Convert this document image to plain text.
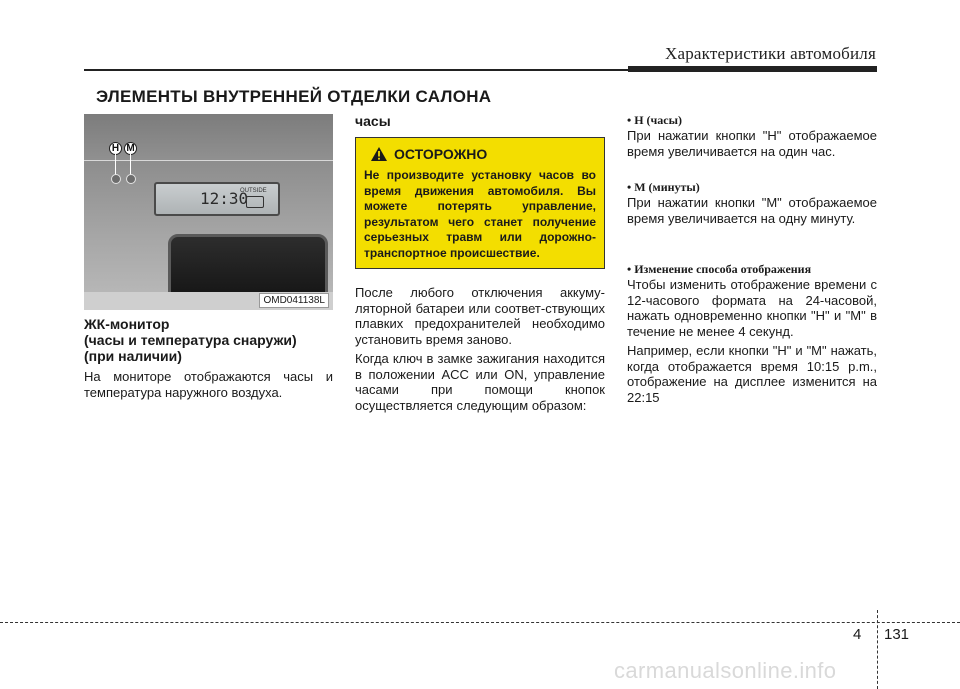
Характеристики автомобиля
ЭЛЕМЕНТЫ ВНУТРЕННЕЙ ОТДЕЛКИ САЛОНА
12:30
OUTSIDE
H M
OMD041138L
ЖК-монитор
(часы и температура снаружи)
(при наличии)

На мониторе отображаются часы и температура наружного воздуха.

часы
ОСТОРОЖНО
Не производите установку часов во время движения автомобиля. Вы можете потерять управление, результатом чего станет получение серьезных травм или дорожно-транспортное происшествие.

После любого отключения аккуму-ляторной батареи или соответ-ствующих плавких предохранителей необходимо установить время заново.

Когда ключ в замке зажигания находится в положении ACC или ON, управление часами при помощи кнопок осуществляется следующим образом:

• H (часы)

При нажатии кнопки "H" отображаемое время увеличивается на один час.

• M (минуты)

При нажатии кнопки "M" отображаемое время увеличивается на одну минуту.

• Изменение способа отображения

Чтобы изменить отображение времени с 12-часового формата на 24-часовой, нажать одновременно кнопки "H" и "M" в течение не менее 4 секунд.

Например, если кнопки "H" и "M" нажать, когда отображается время 10:15 p.m., отображение на дисплее изменится на 22:15

4 131
carmanualsonline.info
